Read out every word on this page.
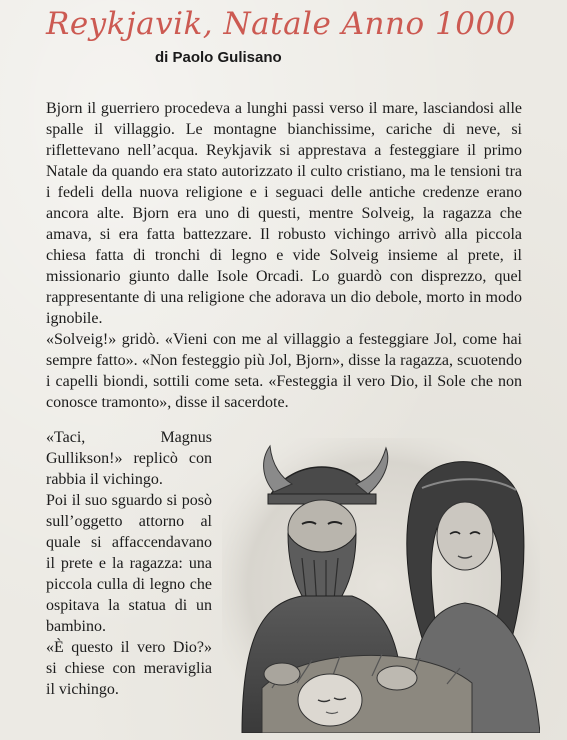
Reykjavik, Natale Anno 1000
di Paolo Gulisano

Bjorn il guerriero procedeva a lunghi passi verso il mare, lasciandosi alle spalle il villaggio. Le montagne bianchissime, cariche di neve, si riflettevano nell’acqua. Reykjavik si apprestava a festeggiare il primo Natale da quando era stato autorizzato il culto cristiano, ma le tensioni tra i fedeli della nuova religione e i seguaci delle antiche credenze erano ancora alte. Bjorn era uno di questi, mentre Solveig, la ragazza che amava, si era fatta battezzare. Il robusto vichingo arrivò alla piccola chiesa fatta di tronchi di legno e vide Solveig insieme al prete, il missionario giunto dalle Isole Orcadi. Lo guardò con disprezzo, quel rappresentante di una religione che adorava un dio debole, morto in modo ignobile.

«Solveig!» gridò. «Vieni con me al villaggio a festeggiare Jol, come hai sempre fatto». «Non festeggio più Jol, Bjorn», disse la ragazza, scuotendo i capelli biondi, sottili come seta. «Festeggia il vero Dio, il Sole che non conosce tramonto», disse il sacerdote.

«Taci, Magnus Gullikson!» replicò con rabbia il vichingo.

Poi il suo sguardo si posò sull’oggetto attorno al quale si affaccendavano il prete e la ragazza: una piccola culla di legno che ospitava la statua di un bambino.

«È questo il vero Dio?» si chiese con meraviglia il vichingo.
